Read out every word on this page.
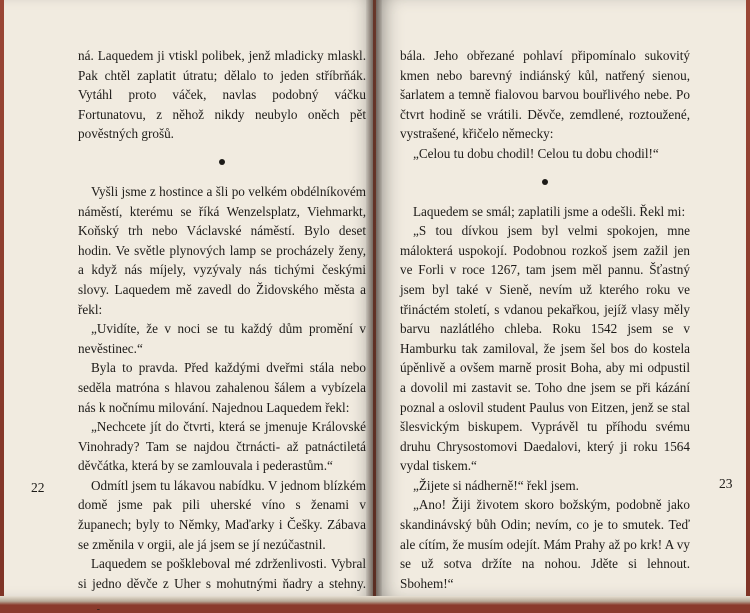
ná. Laquedem ji vtiskl polibek, jenž mladicky mlaskl. Pak chtěl zaplatit útratu; dělalo to jeden stříbrňák. Vytáhl proto váček, navlas podobný váčku Fortunatovu, z něhož nikdy neubylo oněch pět pověstných grošů.

Vyšli jsme z hostince a šli po velkém obdélníkovém náměstí, kterému se říká Wenzelsplatz, Viehmarkt, Koňský trh nebo Václavské náměstí. Bylo deset hodin. Ve světle plynových lamp se procházely ženy, a když nás míjely, vyzývaly nás tichými českými slovy. Laquedem mě zavedl do Židovského města a řekl:

„Uvidíte, že v noci se tu každý dům promění v nevěstinec.“

Byla to pravda. Před každými dveřmi stála nebo seděla matróna s hlavou zahalenou šálem a vybízela nás k nočnímu milování. Najednou Laquedem řekl:

„Nechcete jít do čtvrti, která se jmenuje Královské Vinohrady? Tam se najdou čtrnácti- až patnáctiletá děvčátka, která by se zamlouvala i pederastům.“

Odmítl jsem tu lákavou nabídku. V jednom blízkém domě jsme pak pili uherské víno s ženami v županech; byly to Němky, Maďarky i Češky. Zábava se změnila v orgii, ale já jsem se jí nezúčastnil.

Laquedem se poškleboval mé zdrženlivosti. Vybral si jedno děvče z Uher s mohutnými ňadry a stehny.

22

bála. Jeho obřezané pohlaví připomínalo sukovitý kmen nebo barevný indiánský kůl, natřený sienou, šarlatem a temně fialovou barvou bouřlivého nebe. Po čtvrt hodině se vrátili. Děvče, zemdlené, roztoužené, vystrašené, křičelo německy:

„Celou tu dobu chodil! Celou tu dobu chodil!“

Laquedem se smál; zaplatili jsme a odešli. Řekl mi:

„S tou dívkou jsem byl velmi spokojen, mne málokterá uspokojí. Podobnou rozkoš jsem zažil jen ve Forli v roce 1267, tam jsem měl pannu. Šťastný jsem byl také v Sieně, nevím už kterého roku ve třináctém století, s vdanou pekařkou, jejíž vlasy měly barvu nazlátlého chleba. Roku 1542 jsem se v Hamburku tak zamiloval, že jsem šel bos do kostela úpěnlivě a ovšem marně prosit Boha, aby mi odpustil a dovolil mi zastavit se. Toho dne jsem se při kázání poznal a oslovil student Paulus von Eitzen, jenž se stal šlesvickým biskupem. Vyprávěl tu příhodu svému druhu Chrysostomovi Daedalovi, který ji roku 1564 vydal tiskem.“

„Žijete si nádherně!“ řekl jsem.

„Ano! Žiji životem skoro božským, podobně jako skandinávský bůh Odin; nevím, co je to smutek. Teď ale cítím, že musím odejít. Mám Prahy až po krk! A vy se už sotva držíte na nohou. Jděte si lehnout. Sbohem!“

23
